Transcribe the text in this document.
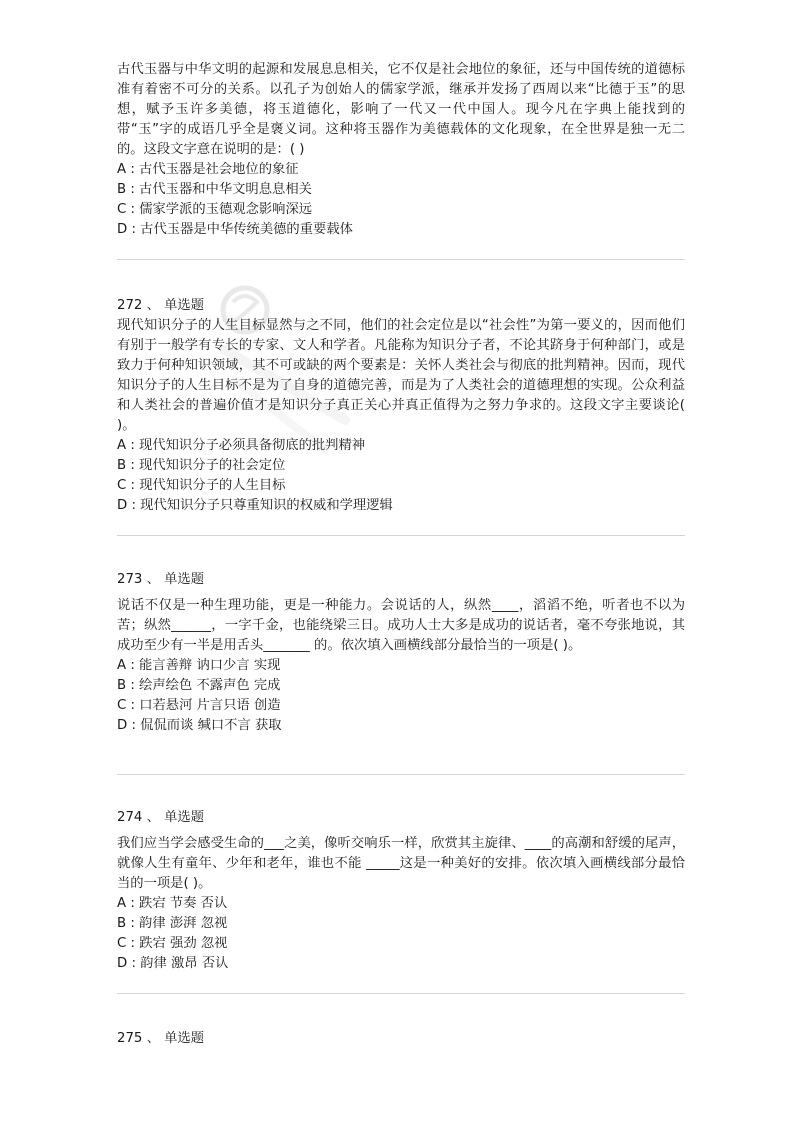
古代玉器与中华文明的起源和发展息息相关，它不仅是社会地位的象征，还与中国传统的道德标准有着密不可分的关系。以孔子为创始人的儒家学派，继承并发扬了西周以来“比德于玉”的思想，赋予玉许多美德，将玉道德化，影响了一代又一代中国人。现今凡在字典上能找到的带“玉”字的成语几乎全是褒义词。这种将玉器作为美德载体的文化现象，在全世界是独一无二的。这段文字意在说明的是：( )

A : 古代玉器是社会地位的象征

B : 古代玉器和中华文明息息相关

C : 儒家学派的玉德观念影响深远

D : 古代玉器是中华传统美德的重要载体

272 、 单选题

现代知识分子的人生目标显然与之不同，他们的社会定位是以“社会性”为第一要义的，因而他们有别于一般学有专长的专家、文人和学者。凡能称为知识分子者，不论其跻身于何种部门，或是致力于何种知识领域，其不可或缺的两个要素是：关怀人类社会与彻底的批判精神。因而，现代知识分子的人生目标不是为了自身的道德完善，而是为了人类社会的道德理想的实现。公众利益和人类社会的普遍价值才是知识分子真正关心并真正值得为之努力争求的。这段文字主要谈论( )。

A : 现代知识分子必须具备彻底的批判精神

B : 现代知识分子的社会定位

C : 现代知识分子的人生目标

D : 现代知识分子只尊重知识的权威和学理逻辑

273 、 单选题

说话不仅是一种生理功能，更是一种能力。会说话的人，纵然____，滔滔不绝，听者也不以为苦；纵然______，一字千金，也能绕梁三日。成功人士大多是成功的说话者，毫不夸张地说，其成功至少有一半是用舌头_______ 的。依次填入画横线部分最恰当的一项是( )。

A : 能言善辩 讷口少言 实现

B : 绘声绘色 不露声色 完成

C : 口若悬河 片言只语 创造

D : 侃侃而谈 缄口不言 获取

274 、 单选题

我们应当学会感受生命的___之美，像听交响乐一样，欣赏其主旋律、____的高潮和舒缓的尾声，就像人生有童年、少年和老年，谁也不能 _____这是一种美好的安排。依次填入画横线部分最恰当的一项是( )。

A : 跌宕 节奏 否认

B : 韵律 澎湃 忽视

C : 跌宕 强劲 忽视

D : 韵律 激昂 否认

275 、 单选题
